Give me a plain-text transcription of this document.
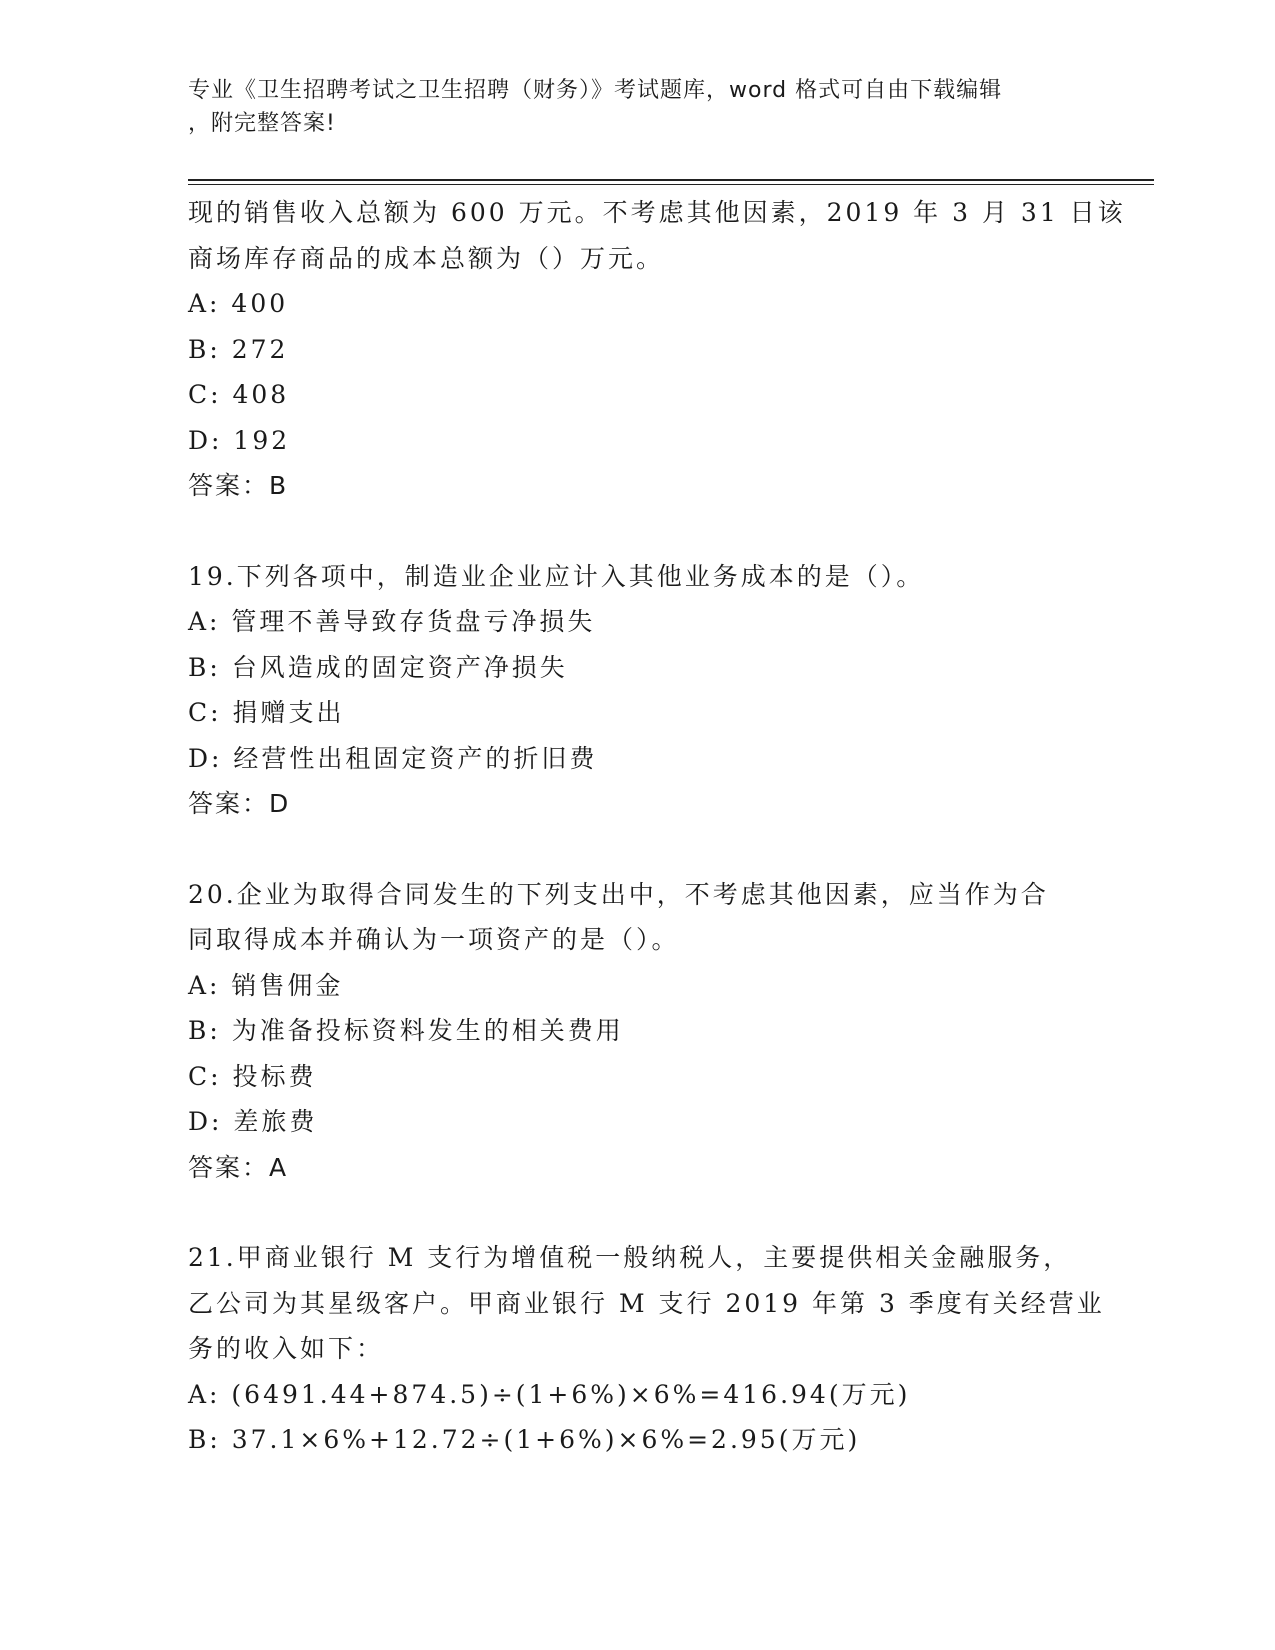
专业《卫生招聘考试之卫生招聘（财务）》考试题库，word 格式可自由下载编辑
，附完整答案!
现的销售收入总额为 600 万元。不考虑其他因素，2019 年 3 月 31 日该
商场库存商品的成本总额为（）万元。
A: 400
B: 272
C: 408
D: 192
答案：B
19.下列各项中，制造业企业应计入其他业务成本的是（）。
A: 管理不善导致存货盘亏净损失
B: 台风造成的固定资产净损失
C: 捐赠支出
D: 经营性出租固定资产的折旧费
答案：D
20.企业为取得合同发生的下列支出中，不考虑其他因素，应当作为合
同取得成本并确认为一项资产的是（）。
A: 销售佣金
B: 为准备投标资料发生的相关费用
C: 投标费
D: 差旅费
答案：A
21.甲商业银行 M 支行为增值税一般纳税人，主要提供相关金融服务，
乙公司为其星级客户。甲商业银行 M 支行 2019 年第 3 季度有关经营业
务的收入如下：
A: (6491.44+874.5)÷(1+6%)×6%=416.94(万元)
B: 37.1×6%+12.72÷(1+6%)×6%=2.95(万元)
